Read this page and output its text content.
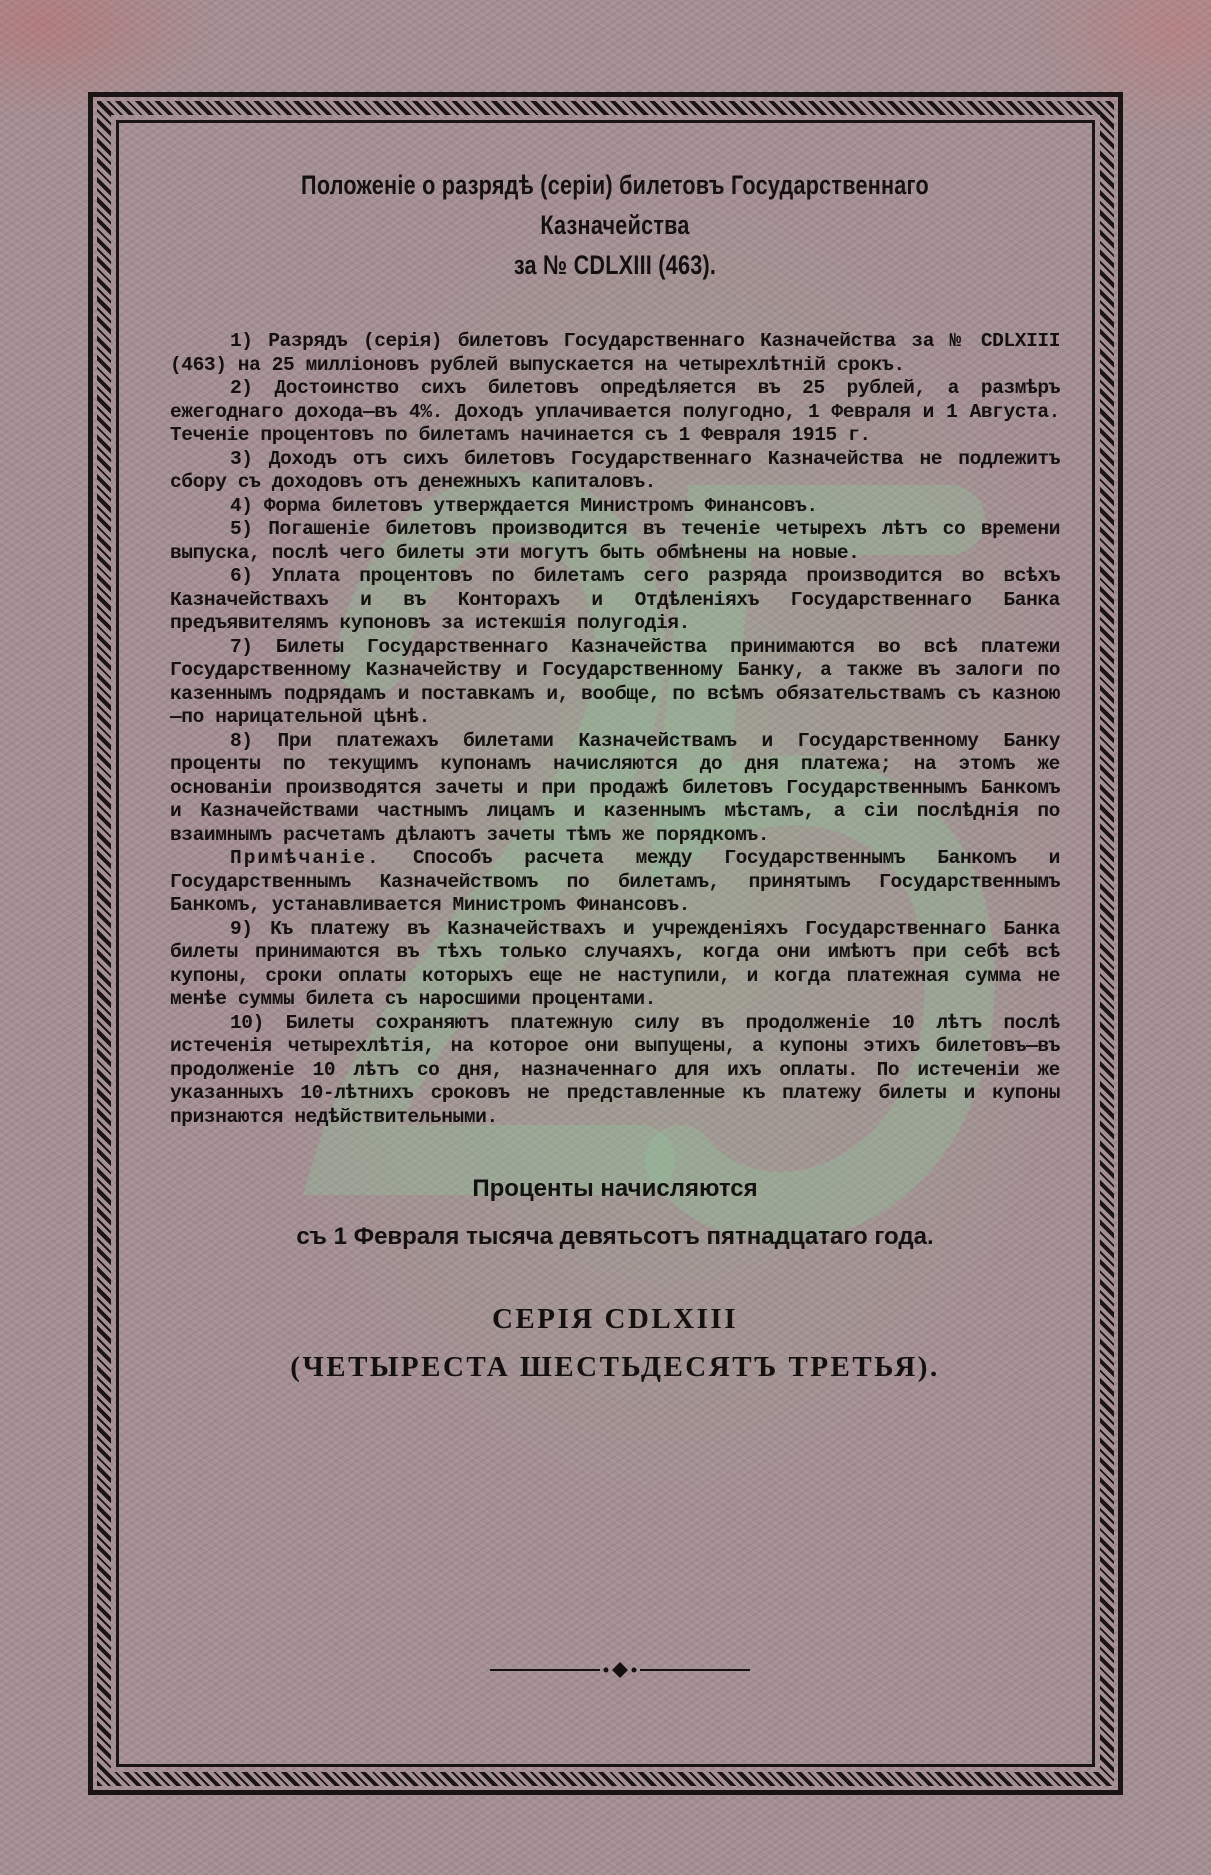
Положеніе о разрядѣ (серіи) билетовъ Государственнаго Казначейства
за № CDLXIII (463).

1) Разрядъ (серія) билетовъ Государственнаго Казначейства за № CDLXIII (463) на 25 милліоновъ рублей выпускается на четырехлѣтній срокъ.

2) Достоинство сихъ билетовъ опредѣляется въ 25 рублей, а размѣръ ежегоднаго дохода—въ 4%. Доходъ уплачивается полугодно, 1 Февраля и 1 Августа. Теченіе процентовъ по билетамъ начинается съ 1 Февраля 1915 г.

3) Доходъ отъ сихъ билетовъ Государственнаго Казначейства не подлежитъ сбору съ доходовъ отъ денежныхъ капиталовъ.

4) Форма билетовъ утверждается Министромъ Финансовъ.

5) Погашеніе билетовъ производится въ теченіе четырехъ лѣтъ со времени выпуска, послѣ чего билеты эти могутъ быть обмѣнены на новые.

6) Уплата процентовъ по билетамъ сего разряда производится во всѣхъ Казначействахъ и въ Конторахъ и Отдѣленіяхъ Государственнаго Банка предъявителямъ купоновъ за истекшія полугодія.

7) Билеты Государственнаго Казначейства принимаются во всѣ платежи Государственному Казначейству и Государственному Банку, а также въ залоги по казеннымъ подрядамъ и поставкамъ и, вообще, по всѣмъ обязательствамъ съ казною—по нарицательной цѣнѣ.

8) При платежахъ билетами Казначействамъ и Государственному Банку проценты по текущимъ купонамъ начисляются до дня платежа; на этомъ же основаніи производятся зачеты и при продажѣ билетовъ Государственнымъ Банкомъ и Казначействами частнымъ лицамъ и казеннымъ мѣстамъ, а сіи послѣднія по взаимнымъ расчетамъ дѣлаютъ зачеты тѣмъ же порядкомъ.

Примѣчаніе. Способъ расчета между Государственнымъ Банкомъ и Государственнымъ Казначействомъ по билетамъ, принятымъ Государственнымъ Банкомъ, устанавливается Министромъ Финансовъ.

9) Къ платежу въ Казначействахъ и учрежденіяхъ Государственнаго Банка билеты принимаются въ тѣхъ только случаяхъ, когда они имѣютъ при себѣ всѣ купоны, сроки оплаты которыхъ еще не наступили, и когда платежная сумма не менѣе суммы билета съ наросшими процентами.

10) Билеты сохраняютъ платежную силу въ продолженіе 10 лѣтъ послѣ истеченія четырехлѣтія, на которое они выпущены, а купоны этихъ билетовъ—въ продолженіе 10 лѣтъ со дня, назначеннаго для ихъ оплаты. По истеченіи же указанныхъ 10-лѣтнихъ сроковъ не представленные къ платежу билеты и купоны признаются недѣйствительными.

Проценты начисляются
съ 1 Февраля тысяча девятьсотъ пятнадцатаго года.
СЕРІЯ CDLXIII
(ЧЕТЫРЕСТА ШЕСТЬДЕСЯТЪ ТРЕТЬЯ).
